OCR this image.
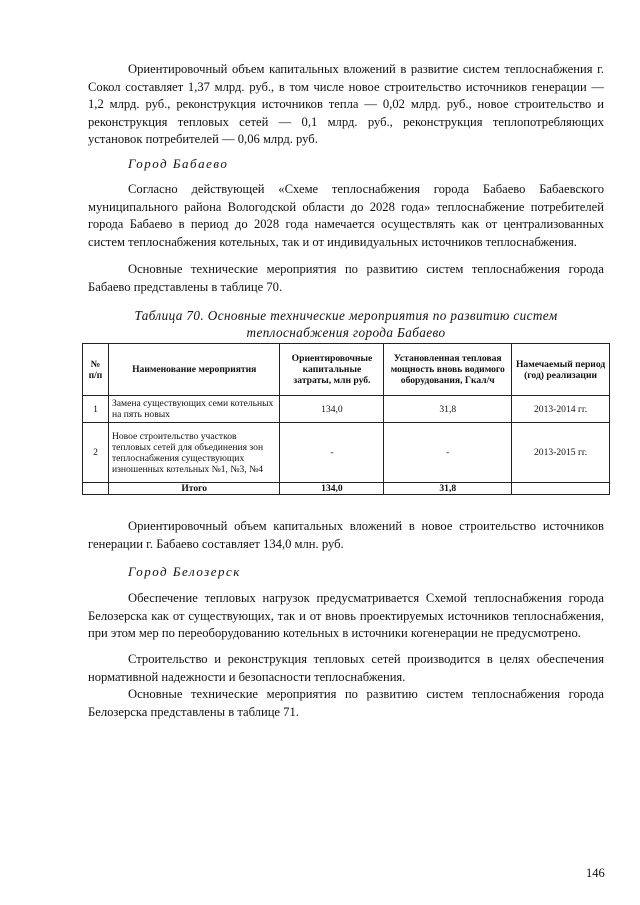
Ориентировочный объем капитальных вложений в развитие систем теплоснабжения г. Сокол составляет 1,37 млрд. руб., в том числе новое строительство источников генерации — 1,2 млрд. руб., реконструкция источников тепла — 0,02 млрд. руб., новое строительство и реконструкция тепловых сетей — 0,1 млрд. руб., реконструкция теплопотребляющих установок потребителей — 0,06 млрд. руб.

Город Бабаево

Согласно действующей «Схеме теплоснабжения города Бабаево Бабаевского муниципального района Вологодской области до 2028 года» теплоснабжение потребителей города Бабаево в период до 2028 года намечается осуществлять как от централизованных систем теплоснабжения котельных, так и от индивидуальных источников теплоснабжения.

Основные технические мероприятия по развитию систем теплоснабжения города Бабаево представлены в таблице 70.

Таблица 70. Основные технические мероприятия по развитию систем

теплоснабжения города Бабаево

№ п/п	Наименование мероприятия	Ориентировочные капитальные затраты, млн руб.	Установленная тепловая мощность вновь водимого оборудования, Гкал/ч	Намечаемый период (год) реализации
1	Замена существующих семи котельных на пять новых	134,0	31,8	2013-2014 гг.
2	Новое строительство участков тепловых сетей для объединения зон теплоснабжения существующих изношенных котельных №1, №3, №4	-	-	2013-2015 гг.
	Итого	134,0	31,8	

Ориентировочный объем капитальных вложений в новое строительство источников генерации г. Бабаево составляет 134,0 млн. руб.

Город Белозерск

Обеспечение тепловых нагрузок предусматривается Схемой теплоснабжения города Белозерска как от существующих, так и от вновь проектируемых источников теплоснабжения, при этом мер по переоборудованию котельных в источники когенерации не предусмотрено.

Строительство и реконструкция тепловых сетей производится в целях обеспечения нормативной надежности и безопасности теплоснабжения.

Основные технические мероприятия по развитию систем теплоснабжения города Белозерска представлены в таблице 71.

146
